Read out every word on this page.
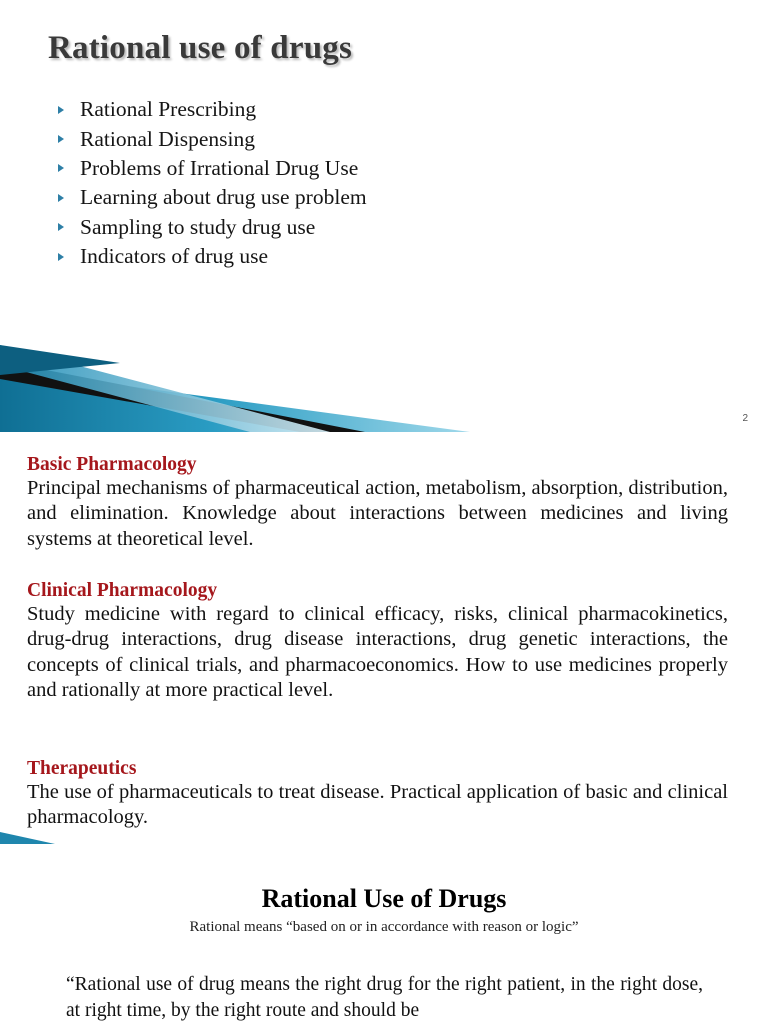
Rational use of drugs
Rational Prescribing
Rational Dispensing
Problems of Irrational Drug Use
Learning about drug use problem
Sampling to study drug use
Indicators of drug use
2
Basic Pharmacology

Principal mechanisms of pharmaceutical action, metabolism, absorption, distribution, and elimination. Knowledge about interactions between medicines and living systems at theoretical level.

Clinical Pharmacology

Study medicine with regard to clinical efficacy, risks, clinical pharmacokinetics, drug-drug interactions, drug disease interactions, drug genetic interactions, the concepts of clinical trials, and pharmacoeconomics. How to use medicines properly and rationally at more practical level.

Therapeutics

The use of pharmaceuticals to treat disease. Practical application of basic and clinical pharmacology.

Rational Use of Drugs

Rational means “based on or in accordance with reason or logic”

“Rational use of drug means the right drug for the right patient, in the right dose, at right time, by the right route and should be
